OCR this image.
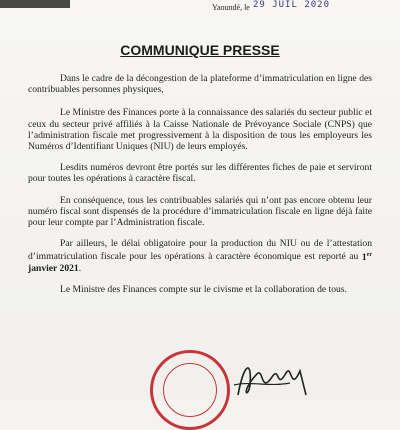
Yaoundé, le 29 JUIL 2020
COMMUNIQUE PRESSE

Dans le cadre de la décongestion de la plateforme d’immatriculation en ligne des contribuables personnes physiques,

Le Ministre des Finances porte à la connaissance des salariés du secteur public et ceux du secteur privé affiliés à la Caisse Nationale de Prévoyance Sociale (CNPS) que l’administration fiscale met progressivement à la disposition de tous les employeurs les Numéros d’Identifiant Uniques (NIU) de leurs employés.

Lesdits numéros devront être portés sur les différentes fiches de paie et serviront pour toutes les opérations à caractère fiscal.

En conséquence, tous les contribuables salariés qui n’ont pas encore obtenu leur numéro fiscal sont dispensés de la procédure d’immatriculation fiscale en ligne déjà faite pour leur compte par l’Administration fiscale.

Par ailleurs, le délai obligatoire pour la production du NIU ou de l’attestation d’immatriculation fiscale pour les opérations à caractère économique est reporté au 1er janvier 2021.

Le Ministre des Finances compte sur le civisme et la collaboration de tous.
